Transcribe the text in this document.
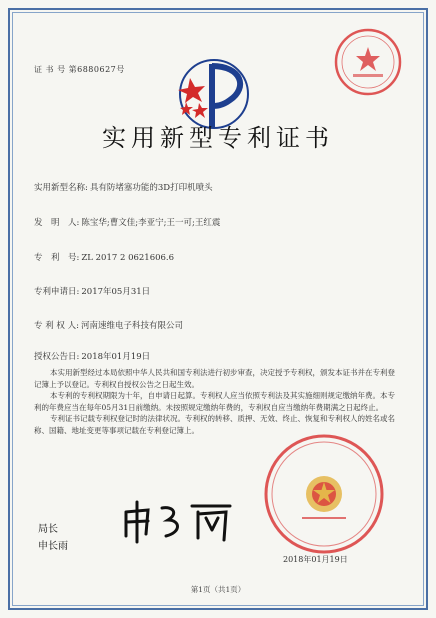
证 书 号 第6880627号
实用新型专利证书
实用新型名称: 具有防堵塞功能的3D打印机喷头
发　明　人: 陈宝华;曹文佳;李亚宁;王一可;王红震
专　利　号: ZL 2017 2 0621606.6
专利申请日: 2017年05月31日
专 利 权 人: 河南速维电子科技有限公司
授权公告日: 2018年01月19日

本实用新型经过本局依照中华人民共和国专利法进行初步审查，决定授予专利权，颁发本证书并在专利登记簿上予以登记。专利权自授权公告之日起生效。

本专利的专利权期限为十年，自申请日起算。专利权人应当依照专利法及其实施细则规定缴纳年费。本专利的年费应当在每年05月31日前缴纳。未按照规定缴纳年费的，专利权自应当缴纳年费期满之日起终止。

专利证书记载专利权登记时的法律状况。专利权的转移、质押、无效、终止、恢复和专利权人的姓名或名称、国籍、地址变更等事项记载在专利登记簿上。

局长
申长雨
2018年01月19日
第1页（共1页）
